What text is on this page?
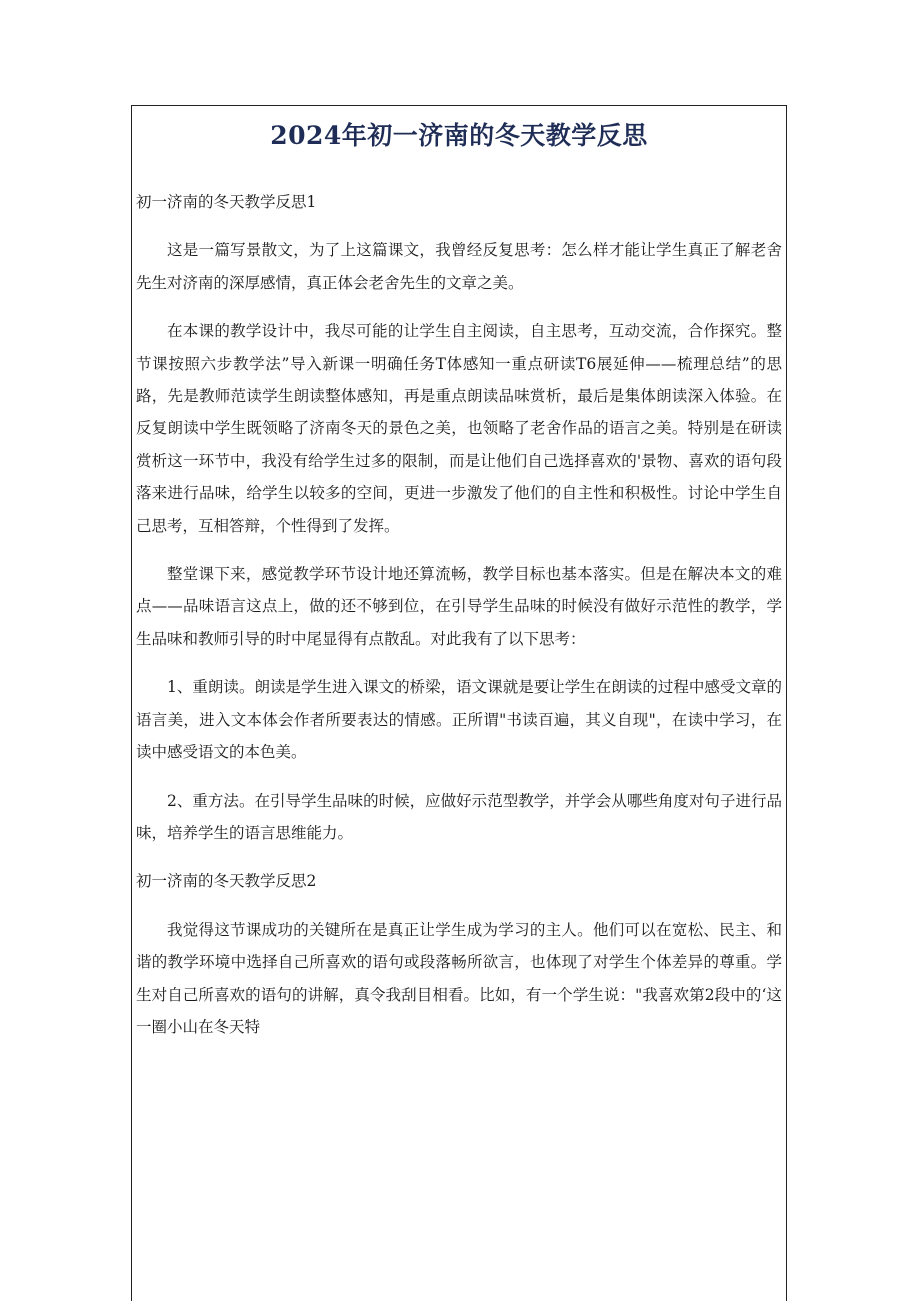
2024年初一济南的冬天教学反思

初一济南的冬天教学反思1

这是一篇写景散文，为了上这篇课文，我曾经反复思考：怎么样才能让学生真正了解老舍先生对济南的深厚感情，真正体会老舍先生的文章之美。

在本课的教学设计中，我尽可能的让学生自主阅读，自主思考，互动交流，合作探究。整节课按照六步教学法”导入新课一明确任务T体感知一重点研读T6展延伸——梳理总结”的思路，先是教师范读学生朗读整体感知，再是重点朗读品味赏析，最后是集体朗读深入体验。在反复朗读中学生既领略了济南冬天的景色之美，也领略了老舍作品的语言之美。特别是在研读赏析这一环节中，我没有给学生过多的限制，而是让他们自己选择喜欢的'景物、喜欢的语句段落来进行品味，给学生以较多的空间，更进一步激发了他们的自主性和积极性。讨论中学生自己思考，互相答辩，个性得到了发挥。

整堂课下来，感觉教学环节设计地还算流畅，教学目标也基本落实。但是在解决本文的难点——品味语言这点上，做的还不够到位，在引导学生品味的时候没有做好示范性的教学，学生品味和教师引导的时中尾显得有点散乱。对此我有了以下思考：

1、重朗读。朗读是学生进入课文的桥梁，语文课就是要让学生在朗读的过程中感受文章的语言美，进入文本体会作者所要表达的情感。正所谓"书读百遍，其义自现"，在读中学习，在读中感受语文的本色美。

2、重方法。在引导学生品味的时候，应做好示范型教学，并学会从哪些角度对句子进行品味，培养学生的语言思维能力。

初一济南的冬天教学反思2

我觉得这节课成功的关键所在是真正让学生成为学习的主人。他们可以在宽松、民主、和谐的教学环境中选择自己所喜欢的语句或段落畅所欲言，也体现了对学生个体差异的尊重。学生对自己所喜欢的语句的讲解，真令我刮目相看。比如，有一个学生说："我喜欢第2段中的‘这一圈小山在冬天特
